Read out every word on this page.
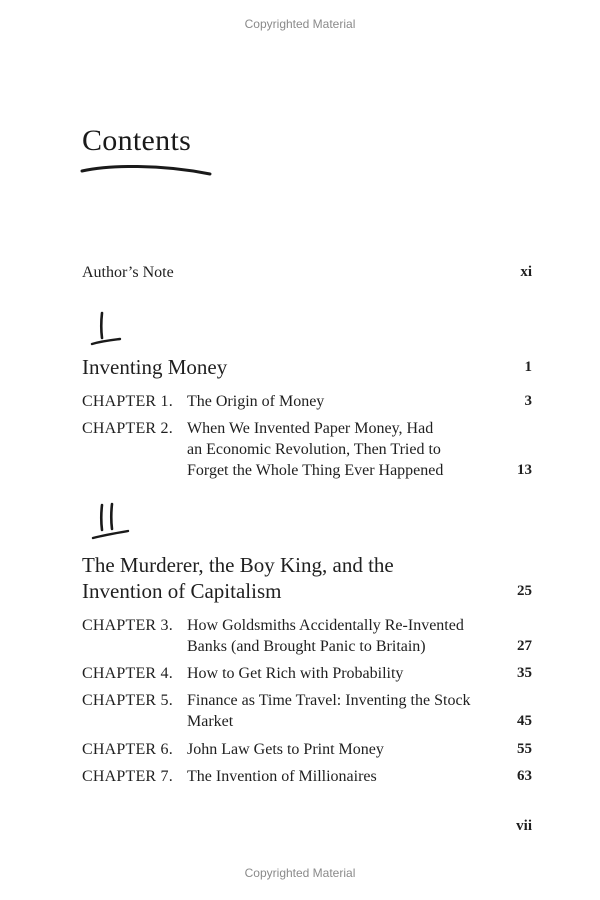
Copyrighted Material
Contents
Author’s Note	xi
Inventing Money	1
CHAPTER 1. The Origin of Money	3
CHAPTER 2. When We Invented Paper Money, Had
an Economic Revolution, Then Tried to
Forget the Whole Thing Ever Happened	13
The Murderer, the Boy King, and the
Invention of Capitalism	25
CHAPTER 3. How Goldsmiths Accidentally Re-Invented
Banks (and Brought Panic to Britain)	27
CHAPTER 4. How to Get Rich with Probability	35
CHAPTER 5. Finance as Time Travel: Inventing the Stock
Market	45
CHAPTER 6. John Law Gets to Print Money	55
CHAPTER 7. The Invention of Millionaires	63
vii
Copyrighted Material
